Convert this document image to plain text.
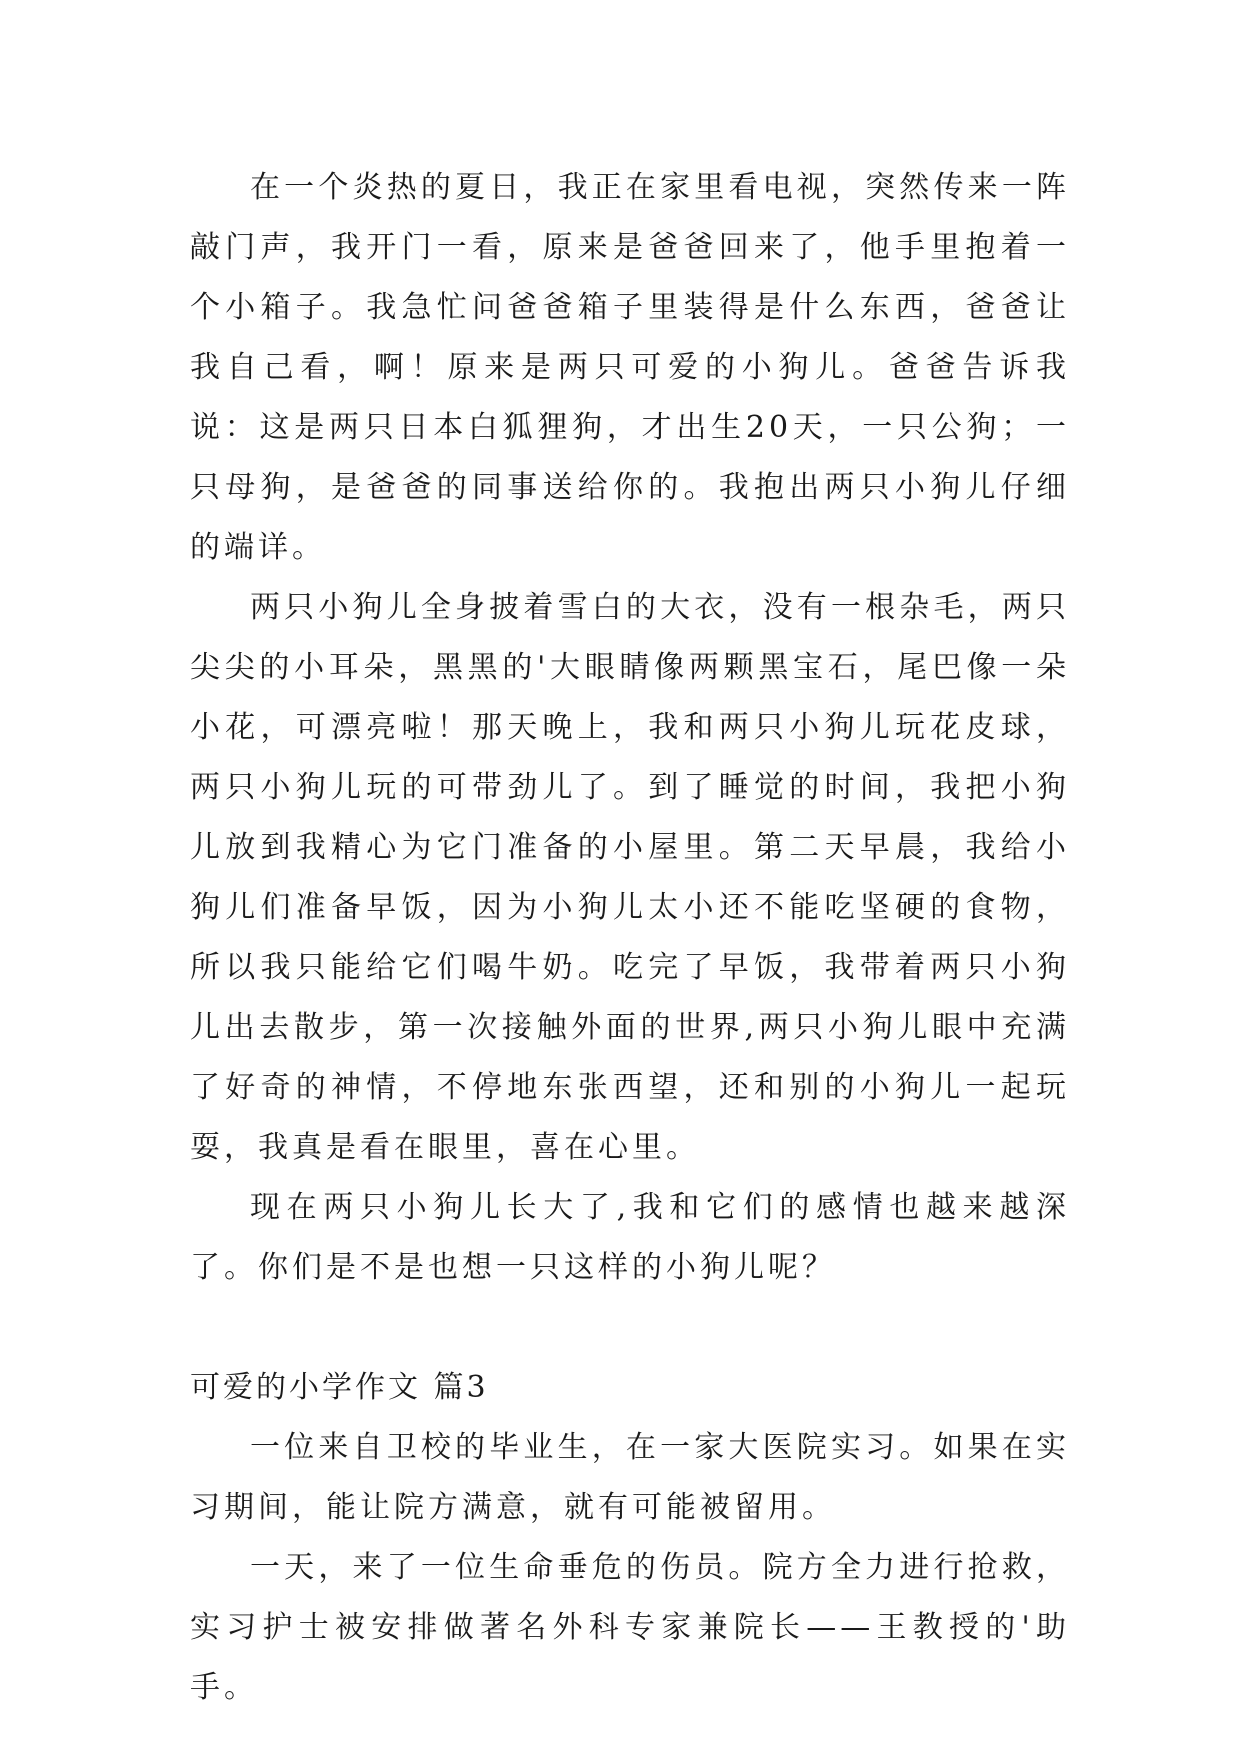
在一个炎热的夏日，我正在家里看电视，突然传来一阵敲门声，我开门一看，原来是爸爸回来了，他手里抱着一个小箱子。我急忙问爸爸箱子里装得是什么东西，爸爸让我自己看，啊！原来是两只可爱的小狗儿。爸爸告诉我说：这是两只日本白狐狸狗，才出生20天，一只公狗；一只母狗，是爸爸的同事送给你的。我抱出两只小狗儿仔细的端详。

两只小狗儿全身披着雪白的大衣，没有一根杂毛，两只尖尖的小耳朵，黑黑的'大眼睛像两颗黑宝石，尾巴像一朵小花，可漂亮啦！那天晚上，我和两只小狗儿玩花皮球，两只小狗儿玩的可带劲儿了。到了睡觉的时间，我把小狗儿放到我精心为它门准备的小屋里。第二天早晨，我给小狗儿们准备早饭，因为小狗儿太小还不能吃坚硬的食物，所以我只能给它们喝牛奶。吃完了早饭，我带着两只小狗儿出去散步，第一次接触外面的世界,两只小狗儿眼中充满了好奇的神情，不停地东张西望，还和别的小狗儿一起玩耍，我真是看在眼里，喜在心里。

现在两只小狗儿长大了,我和它们的感情也越来越深了。你们是不是也想一只这样的小狗儿呢？

可爱的小学作文 篇3

一位来自卫校的毕业生，在一家大医院实习。如果在实习期间，能让院方满意，就有可能被留用。

一天，来了一位生命垂危的伤员。院方全力进行抢救，实习护士被安排做著名外科专家兼院长——王教授的'助手。
